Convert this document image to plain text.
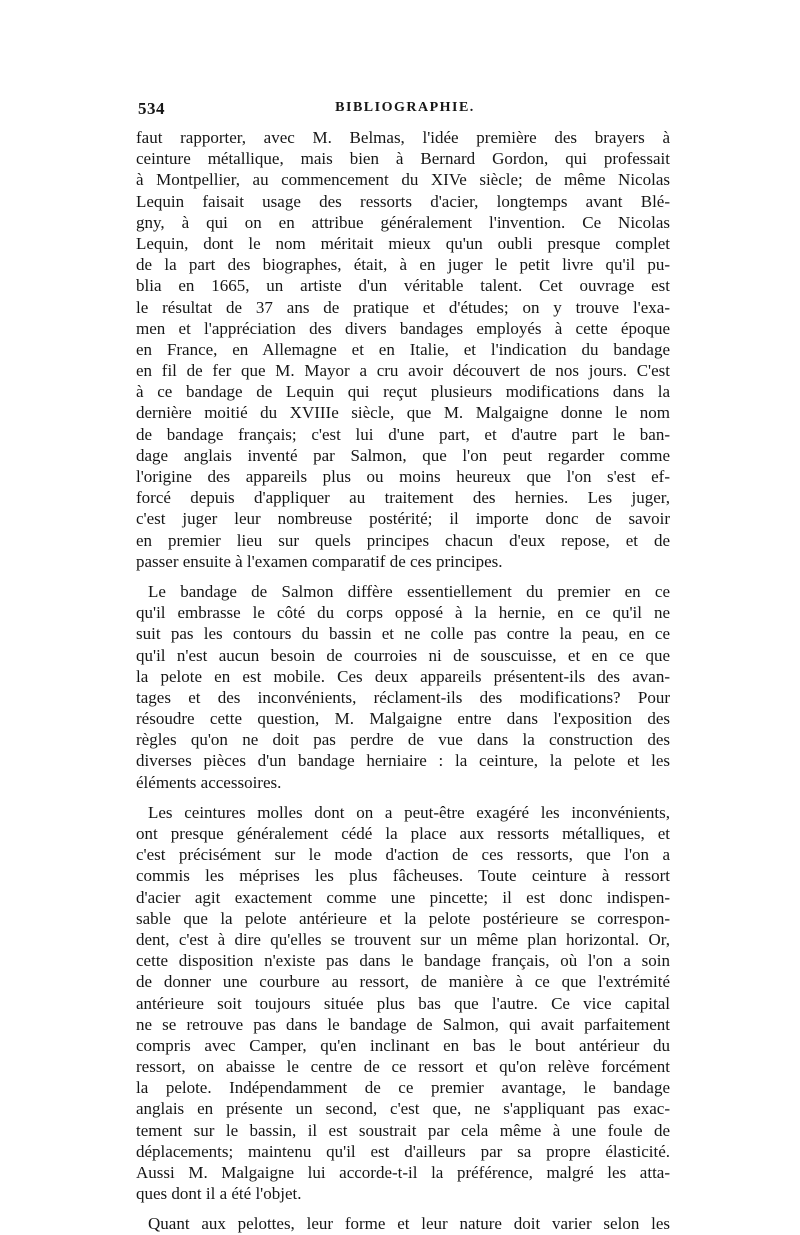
534	BIBLIOGRAPHIE.
faut rapporter, avec M. Belmas, l'idée première des brayers à
ceinture métallique, mais bien à Bernard Gordon, qui professait
à Montpellier, au commencement du XIVe siècle; de même Nicolas
Lequin faisait usage des ressorts d'acier, longtemps avant Blé-
gny, à qui on en attribue généralement l'invention. Ce Nicolas
Lequin, dont le nom méritait mieux qu'un oubli presque complet
de la part des biographes, était, à en juger le petit livre qu'il pu-
blia en 1665, un artiste d'un véritable talent. Cet ouvrage est
le résultat de 37 ans de pratique et d'études; on y trouve l'exa-
men et l'appréciation des divers bandages employés à cette époque
en France, en Allemagne et en Italie, et l'indication du bandage
en fil de fer que M. Mayor a cru avoir découvert de nos jours. C'est
à ce bandage de Lequin qui reçut plusieurs modifications dans la
dernière moitié du XVIIIe siècle, que M. Malgaigne donne le nom
de bandage français; c'est lui d'une part, et d'autre part le ban-
dage anglais inventé par Salmon, que l'on peut regarder comme
l'origine des appareils plus ou moins heureux que l'on s'est ef-
forcé depuis d'appliquer au traitement des hernies. Les juger,
c'est juger leur nombreuse postérité; il importe donc de savoir
en premier lieu sur quels principes chacun d'eux repose, et de
passer ensuite à l'examen comparatif de ces principes.
Le bandage de Salmon diffère essentiellement du premier en ce
qu'il embrasse le côté du corps opposé à la hernie, en ce qu'il ne
suit pas les contours du bassin et ne colle pas contre la peau, en ce
qu'il n'est aucun besoin de courroies ni de souscuisse, et en ce que
la pelote en est mobile. Ces deux appareils présentent-ils des avan-
tages et des inconvénients, réclament-ils des modifications? Pour
résoudre cette question, M. Malgaigne entre dans l'exposition des
règles qu'on ne doit pas perdre de vue dans la construction des
diverses pièces d'un bandage herniaire : la ceinture, la pelote et les
éléments accessoires.
Les ceintures molles dont on a peut-être exagéré les inconvénients,
ont presque généralement cédé la place aux ressorts métalliques, et
c'est précisément sur le mode d'action de ces ressorts, que l'on a
commis les méprises les plus fâcheuses. Toute ceinture à ressort
d'acier agit exactement comme une pincette; il est donc indispen-
sable que la pelote antérieure et la pelote postérieure se correspon-
dent, c'est à dire qu'elles se trouvent sur un même plan horizontal. Or,
cette disposition n'existe pas dans le bandage français, où l'on a soin
de donner une courbure au ressort, de manière à ce que l'extrémité
antérieure soit toujours située plus bas que l'autre. Ce vice capital
ne se retrouve pas dans le bandage de Salmon, qui avait parfaitement
compris avec Camper, qu'en inclinant en bas le bout antérieur du
ressort, on abaisse le centre de ce ressort et qu'on relève forcément
la pelote. Indépendamment de ce premier avantage, le bandage
anglais en présente un second, c'est que, ne s'appliquant pas exac-
tement sur le bassin, il est soustrait par cela même à une foule de
déplacements; maintenu qu'il est d'ailleurs par sa propre élasticité.
Aussi M. Malgaigne lui accorde-t-il la préférence, malgré les atta-
ques dont il a été l'objet.
Quant aux pelottes, leur forme et leur nature doit varier selon les
